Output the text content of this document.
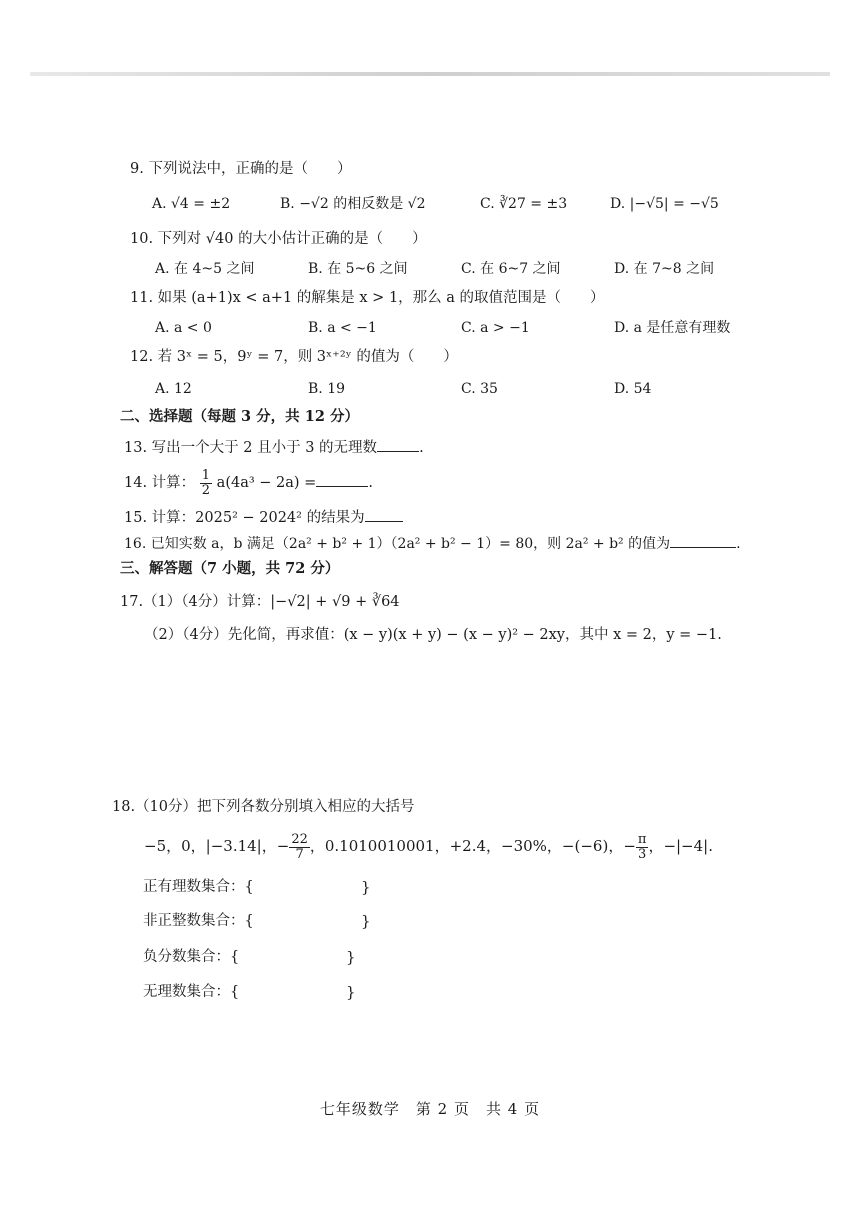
9. 下列说法中，正确的是（　　）
A. √4 = ±2	B. −√2 的相反数是 √2	C. ∛27 = ±3	D. |−√5| = −√5
10. 下列对 √40 的大小估计正确的是（　　）
A. 在 4~5 之间	B. 在 5~6 之间	C. 在 6~7 之间	D. 在 7~8 之间
11. 如果 (a+1)x < a+1 的解集是 x > 1，那么 a 的取值范围是（　　）
A. a < 0	B. a < −1	C. a > −1	D. a 是任意有理数
12. 若 3ˣ = 5，9ʸ = 7，则 3ˣ⁺²ʸ 的值为（　　）
A. 12	B. 19	C. 35	D. 54
二、选择题（每题 3 分，共 12 分）
13. 写出一个大于 2 且小于 3 的无理数	.
14. 计算： $\frac{1}{2} a(4a^3 - 2a)$ =	.
15. 计算：2025² − 2024² 的结果为
16. 已知实数 a，b 满足（2a² + b² + 1）（2a² + b² − 1）= 80，则 2a² + b² 的值为	.
三、解答题（7 小题，共 72 分）
17.（1）（4分）计算：|−√2| + √9 + ∛64
（2）（4分）先化简，再求值：(x − y)(x + y) − (x − y)² − 2xy，其中 x = 2，y = −1.
18.（10分）把下列各数分别填入相应的大括号
−5，0，|−3.14|，− $\frac{22}{7}$ ，0.1010010001，+2.4，−30%，−(−6)，− $\frac{\pi}{3}$ ，−|−4|.
正有理数集合：{	}
非正整数集合：{	}
负分数集合：{	}
无理数集合：{	}
七年级数学　第 2 页　共 4 页
